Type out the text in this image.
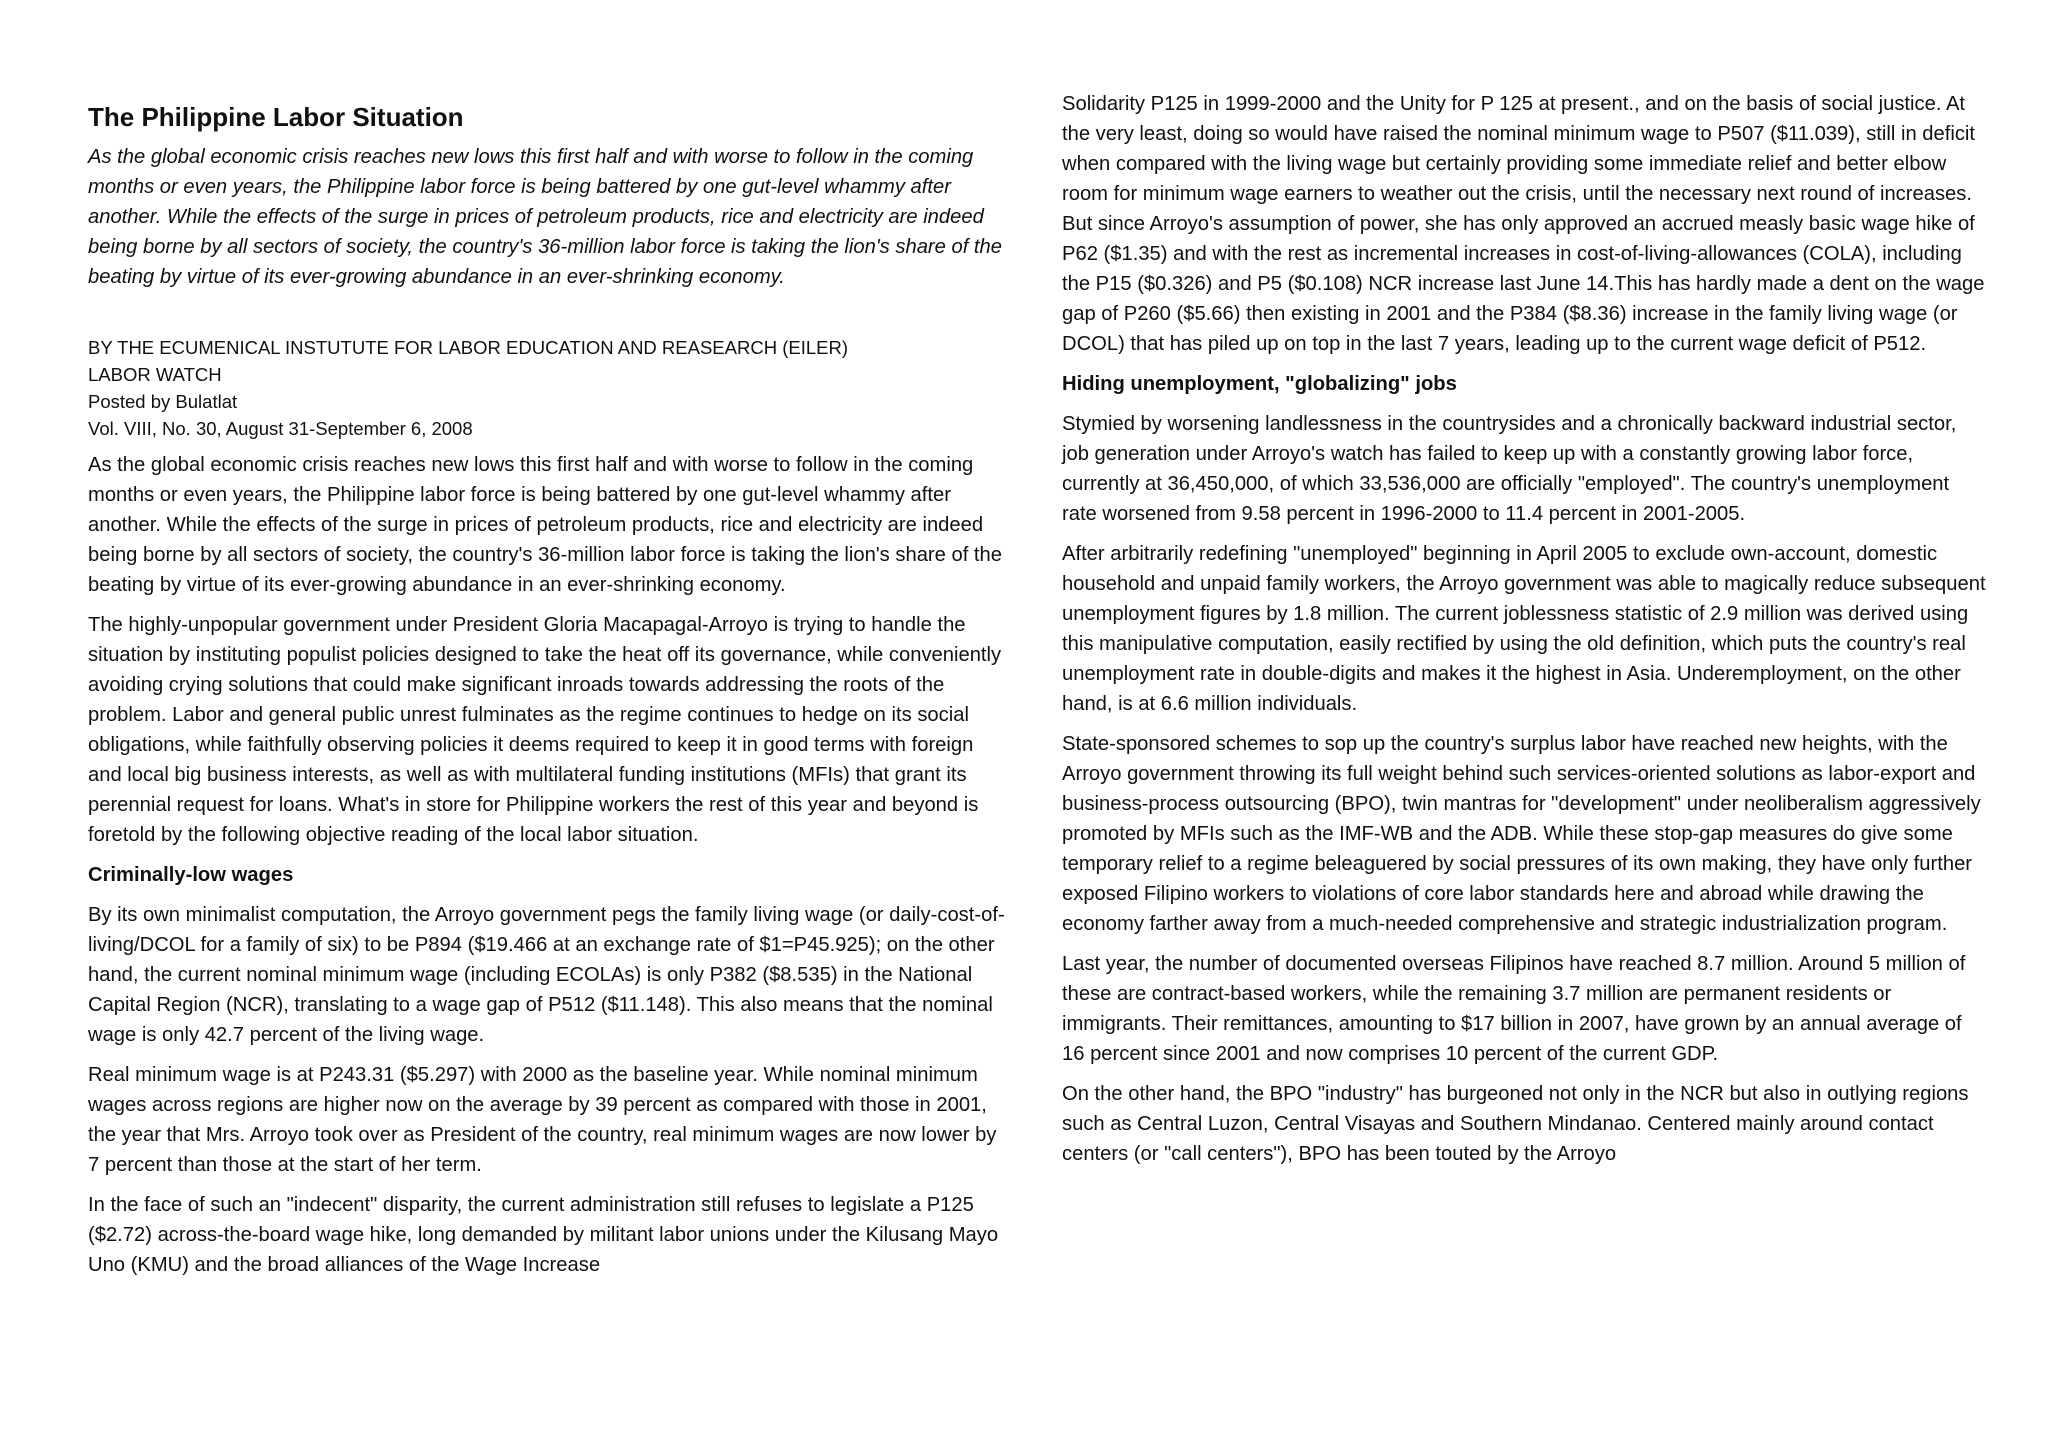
The Philippine Labor Situation

As the global economic crisis reaches new lows this first half and with worse to follow in the coming months or even years, the Philippine labor force is being battered by one gut-level whammy after another. While the effects of the surge in prices of petroleum products, rice and electricity are indeed being borne by all sectors of society, the country's 36-million labor force is taking the lion's share of the beating by virtue of its ever-growing abundance in an ever-shrinking economy.

BY THE ECUMENICAL INSTUTUTE FOR LABOR EDUCATION AND REASEARCH (EILER)
LABOR WATCH
Posted by Bulatlat
Vol. VIII, No. 30, August 31-September 6, 2008

As the global economic crisis reaches new lows this first half and with worse to follow in the coming months or even years, the Philippine labor force is being battered by one gut-level whammy after another. While the effects of the surge in prices of petroleum products, rice and electricity are indeed being borne by all sectors of society, the country's 36-million labor force is taking the lion's share of the beating by virtue of its ever-growing abundance in an ever-shrinking economy.

The highly-unpopular government under President Gloria Macapagal-Arroyo is trying to handle the situation by instituting populist policies designed to take the heat off its governance, while conveniently avoiding crying solutions that could make significant inroads towards addressing the roots of the problem. Labor and general public unrest fulminates as the regime continues to hedge on its social obligations, while faithfully observing policies it deems required to keep it in good terms with foreign and local big business interests, as well as with multilateral funding institutions (MFIs) that grant its perennial request for loans. What's in store for Philippine workers the rest of this year and beyond is foretold by the following objective reading of the local labor situation.

Criminally-low wages

By its own minimalist computation, the Arroyo government pegs the family living wage (or daily-cost-of-living/DCOL for a family of six) to be P894 ($19.466 at an exchange rate of $1=P45.925); on the other hand, the current nominal minimum wage (including ECOLAs) is only P382 ($8.535) in the National Capital Region (NCR), translating to a wage gap of P512 ($11.148). This also means that the nominal wage is only 42.7 percent of the living wage.

Real minimum wage is at P243.31 ($5.297) with 2000 as the baseline year. While nominal minimum wages across regions are higher now on the average by 39 percent as compared with those in 2001, the year that Mrs. Arroyo took over as President of the country, real minimum wages are now lower by 7 percent than those at the start of her term.

In the face of such an "indecent" disparity, the current administration still refuses to legislate a P125 ($2.72) across-the-board wage hike, long demanded by militant labor unions under the Kilusang Mayo Uno (KMU) and the broad alliances of the Wage Increase

Solidarity P125 in 1999-2000 and the Unity for P 125 at present., and on the basis of social justice. At the very least, doing so would have raised the nominal minimum wage to P507 ($11.039), still in deficit when compared with the living wage but certainly providing some immediate relief and better elbow room for minimum wage earners to weather out the crisis, until the necessary next round of increases. But since Arroyo's assumption of power, she has only approved an accrued measly basic wage hike of P62 ($1.35) and with the rest as incremental increases in cost-of-living-allowances (COLA), including the P15 ($0.326) and P5 ($0.108) NCR increase last June 14.This has hardly made a dent on the wage gap of P260 ($5.66) then existing in 2001 and the P384 ($8.36) increase in the family living wage (or DCOL) that has piled up on top in the last 7 years, leading up to the current wage deficit of P512.

Hiding unemployment, "globalizing" jobs

Stymied by worsening landlessness in the countrysides and a chronically backward industrial sector, job generation under Arroyo's watch has failed to keep up with a constantly growing labor force, currently at 36,450,000, of which 33,536,000 are officially "employed". The country's unemployment rate worsened from 9.58 percent in 1996-2000 to 11.4 percent in 2001-2005.

After arbitrarily redefining "unemployed" beginning in April 2005 to exclude own-account, domestic household and unpaid family workers, the Arroyo government was able to magically reduce subsequent unemployment figures by 1.8 million. The current joblessness statistic of 2.9 million was derived using this manipulative computation, easily rectified by using the old definition, which puts the country's real unemployment rate in double-digits and makes it the highest in Asia. Underemployment, on the other hand, is at 6.6 million individuals.

State-sponsored schemes to sop up the country's surplus labor have reached new heights, with the Arroyo government throwing its full weight behind such services-oriented solutions as labor-export and business-process outsourcing (BPO), twin mantras for "development" under neoliberalism aggressively promoted by MFIs such as the IMF-WB and the ADB. While these stop-gap measures do give some temporary relief to a regime beleaguered by social pressures of its own making, they have only further exposed Filipino workers to violations of core labor standards here and abroad while drawing the economy farther away from a much-needed comprehensive and strategic industrialization program.

Last year, the number of documented overseas Filipinos have reached 8.7 million. Around 5 million of these are contract-based workers, while the remaining 3.7 million are permanent residents or immigrants. Their remittances, amounting to $17 billion in 2007, have grown by an annual average of 16 percent since 2001 and now comprises 10 percent of the current GDP.

On the other hand, the BPO "industry" has burgeoned not only in the NCR but also in outlying regions such as Central Luzon, Central Visayas and Southern Mindanao. Centered mainly around contact centers (or "call centers"), BPO has been touted by the Arroyo
